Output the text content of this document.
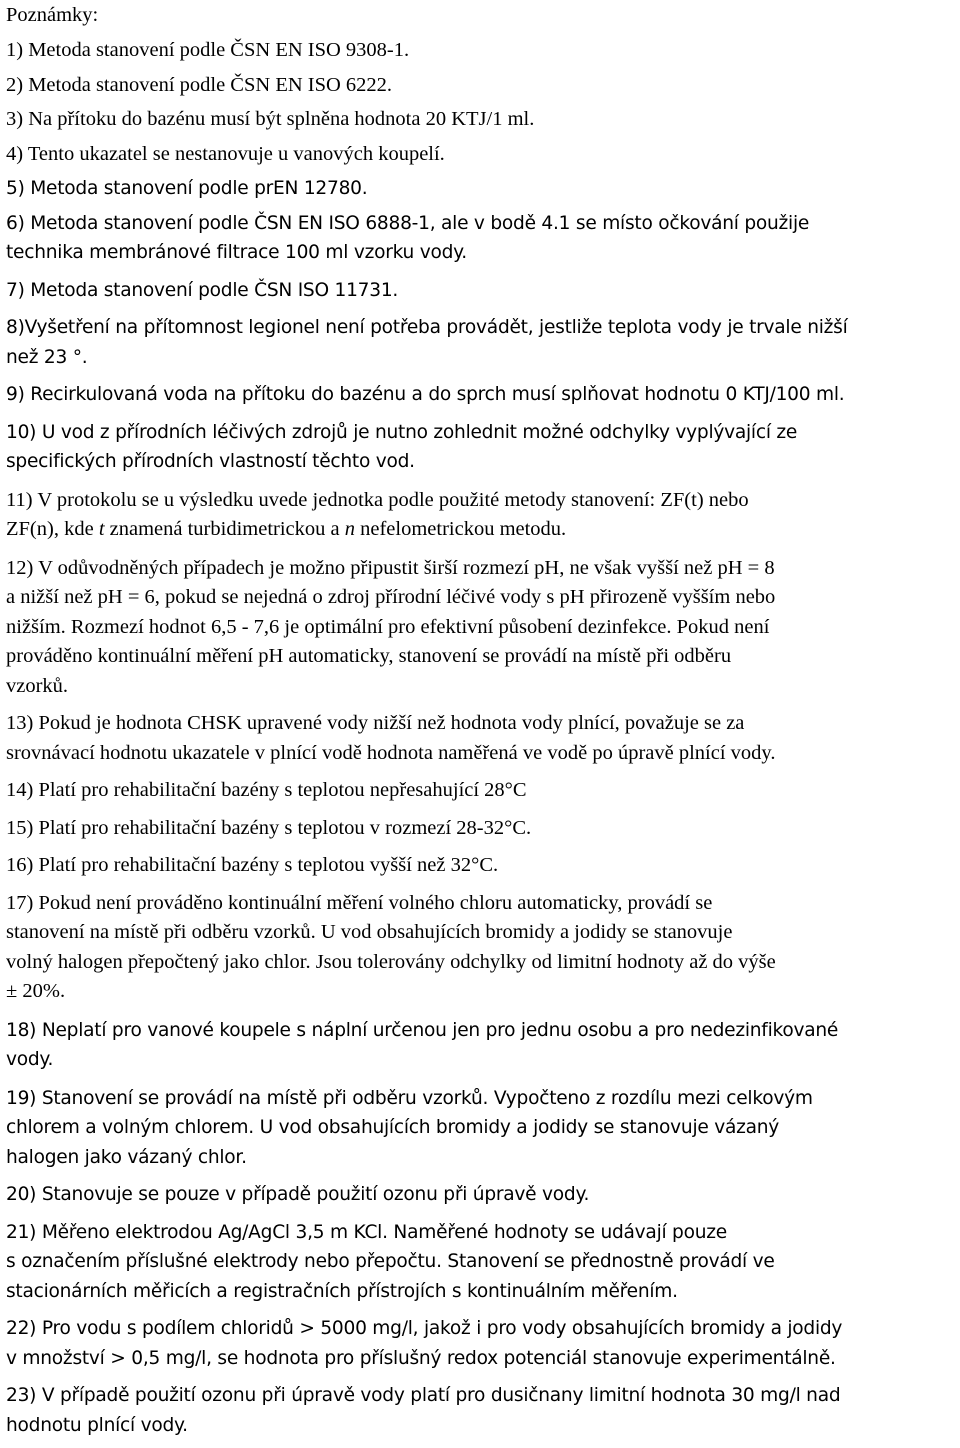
Poznámky:
1) Metoda stanovení podle ČSN EN ISO 9308-1.
2) Metoda stanovení podle ČSN EN ISO 6222.
3) Na přítoku do bazénu musí být splněna hodnota 20 KTJ/1 ml.
4) Tento ukazatel se nestanovuje u vanových koupelí.
5) Metoda stanovení podle prEN 12780.
6) Metoda stanovení podle ČSN EN ISO 6888-1, ale v bodě 4.1 se místo očkování použije
technika membránové filtrace 100 ml vzorku vody.
7) Metoda stanovení podle ČSN ISO 11731.
8)Vyšetření na přítomnost legionel není potřeba provádět, jestliže teplota vody je trvale nižší
než 23 °.
9) Recirkulovaná voda na přítoku do bazénu a do sprch musí splňovat hodnotu 0 KTJ/100 ml.
10) U vod z přírodních léčivých zdrojů je nutno zohlednit možné odchylky vyplývající ze
specifických přírodních vlastností těchto vod.
11) V protokolu se u výsledku uvede jednotka podle použité metody stanovení: ZF(t) nebo
ZF(n), kde t znamená turbidimetrickou a n nefelometrickou metodu.
12) V odůvodněných případech je možno připustit širší rozmezí pH, ne však vyšší než pH = 8
a nižší než pH = 6, pokud se nejedná o zdroj přírodní léčivé vody s pH přirozeně vyšším nebo
nižším. Rozmezí hodnot 6,5 - 7,6 je optimální pro efektivní působení dezinfekce. Pokud není
prováděno kontinuální měření pH automaticky, stanovení se provádí na místě při odběru
vzorků.
13) Pokud je hodnota CHSK upravené vody nižší než hodnota vody plnící, považuje se za
srovnávací hodnotu ukazatele v plnící vodě hodnota naměřená ve vodě po úpravě plnící vody.
14) Platí pro rehabilitační bazény s teplotou nepřesahující 28°C
15) Platí pro rehabilitační bazény s teplotou v rozmezí 28-32°C.
16) Platí pro rehabilitační bazény s teplotou vyšší než 32°C.
17) Pokud není prováděno kontinuální měření volného chloru automaticky, provádí se
stanovení na místě při odběru vzorků. U vod obsahujících bromidy a jodidy se stanovuje
volný halogen přepočtený jako chlor. Jsou tolerovány odchylky od limitní hodnoty až do výše
± 20%.
18) Neplatí pro vanové koupele s náplní určenou jen pro jednu osobu a pro nedezinfikované
vody.
19) Stanovení se provádí na místě při odběru vzorků. Vypočteno z rozdílu mezi celkovým
chlorem a volným chlorem. U vod obsahujících bromidy a jodidy se stanovuje vázaný
halogen jako vázaný chlor.
20) Stanovuje se pouze v případě použití ozonu při úpravě vody.
21) Měřeno elektrodou Ag/AgCl 3,5 m KCl. Naměřené hodnoty se udávají pouze
s označením příslušné elektrody nebo přepočtu. Stanovení se přednostně provádí ve
stacionárních měřicích a registračních přístrojích s kontinuálním měřením.
22) Pro vodu s podílem chloridů > 5000 mg/l, jakož i pro vody obsahujících bromidy a jodidy
v množství > 0,5 mg/l, se hodnota pro příslušný redox potenciál stanovuje experimentálně.
23) V případě použití ozonu při úpravě vody platí pro dusičnany limitní hodnota 30 mg/l nad
hodnotu plnící vody.
